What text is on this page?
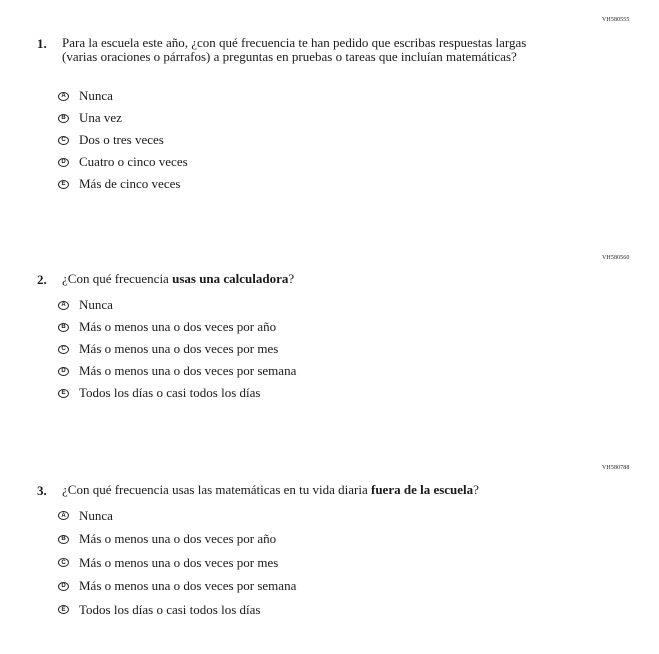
VH580555
1. Para la escuela este año, ¿con qué frecuencia te han pedido que escribas respuestas largas (varias oraciones o párrafos) a preguntas en pruebas o tareas que incluían matemáticas?
A Nunca
B Una vez
C Dos o tres veces
D Cuatro o cinco veces
E Más de cinco veces
VH580560
2. ¿Con qué frecuencia usas una calculadora?
A Nunca
B Más o menos una o dos veces por año
C Más o menos una o dos veces por mes
D Más o menos una o dos veces por semana
E Todos los días o casi todos los días
VH580788
3. ¿Con qué frecuencia usas las matemáticas en tu vida diaria fuera de la escuela?
A Nunca
B Más o menos una o dos veces por año
C Más o menos una o dos veces por mes
D Más o menos una o dos veces por semana
E Todos los días o casi todos los días
